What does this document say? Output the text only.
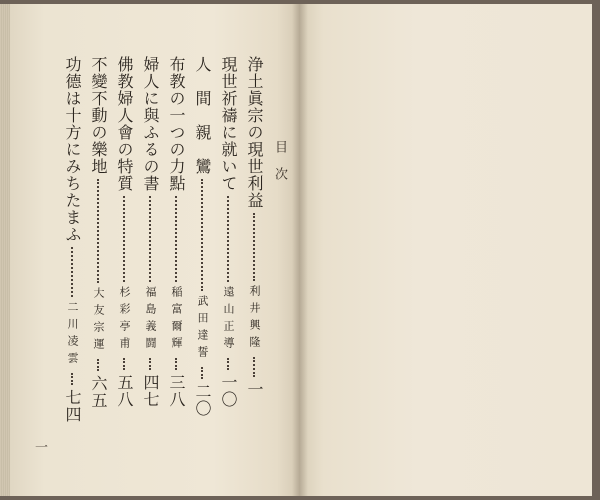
目次
浄土眞宗の現世利益利井興隆一
現世祈禱に就いて遠山正導一〇
人　間　親　鸞武田達誓二〇
布教の一つの力點稲富爾輝三八
婦人に與ふるの書福島義闘四七
佛教婦人會の特質杉彩亭甫五八
不變不動の樂地大友宗運六五
功德は十方にみちたまふ二川凌雲七四
一
